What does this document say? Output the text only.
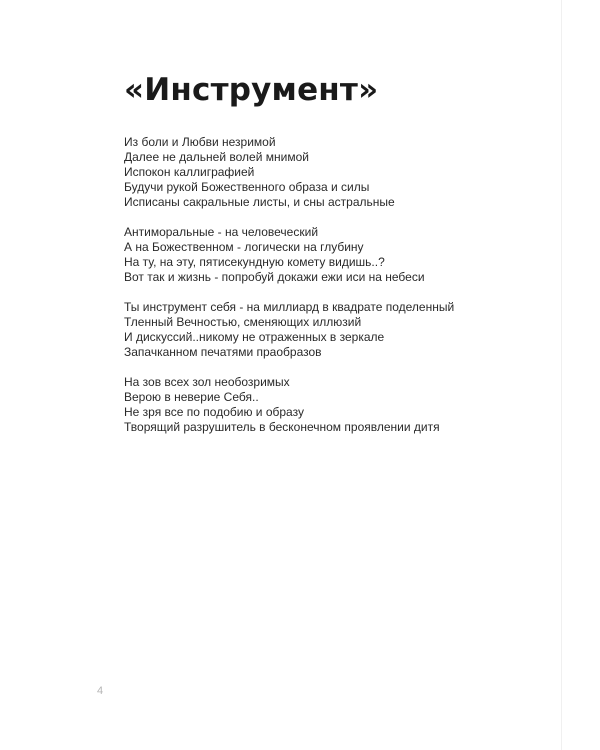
«Инструмент»
Из боли и Любви незримой
Далее не дальней волей мнимой
Испокон каллиграфией
Будучи рукой Божественного образа и силы
Исписаны сакральные листы, и сны астральные
Антиморальные - на человеческий
А на Божественном - логически на глубину
На ту, на эту, пятисекундную комету видишь..?
Вот так и жизнь - попробуй докажи ежи иси на небеси
Ты инструмент себя - на миллиард в квадрате поделенный
Тленный Вечностью, сменяющих иллюзий
И дискуссий..никому не отраженных в зеркале
Запачканном печатями праобразов
На зов всех зол необозримых
Верою в неверие Себя..
Не зря все по подобию и образу
Творящий разрушитель в бесконечном проявлении дитя
4
